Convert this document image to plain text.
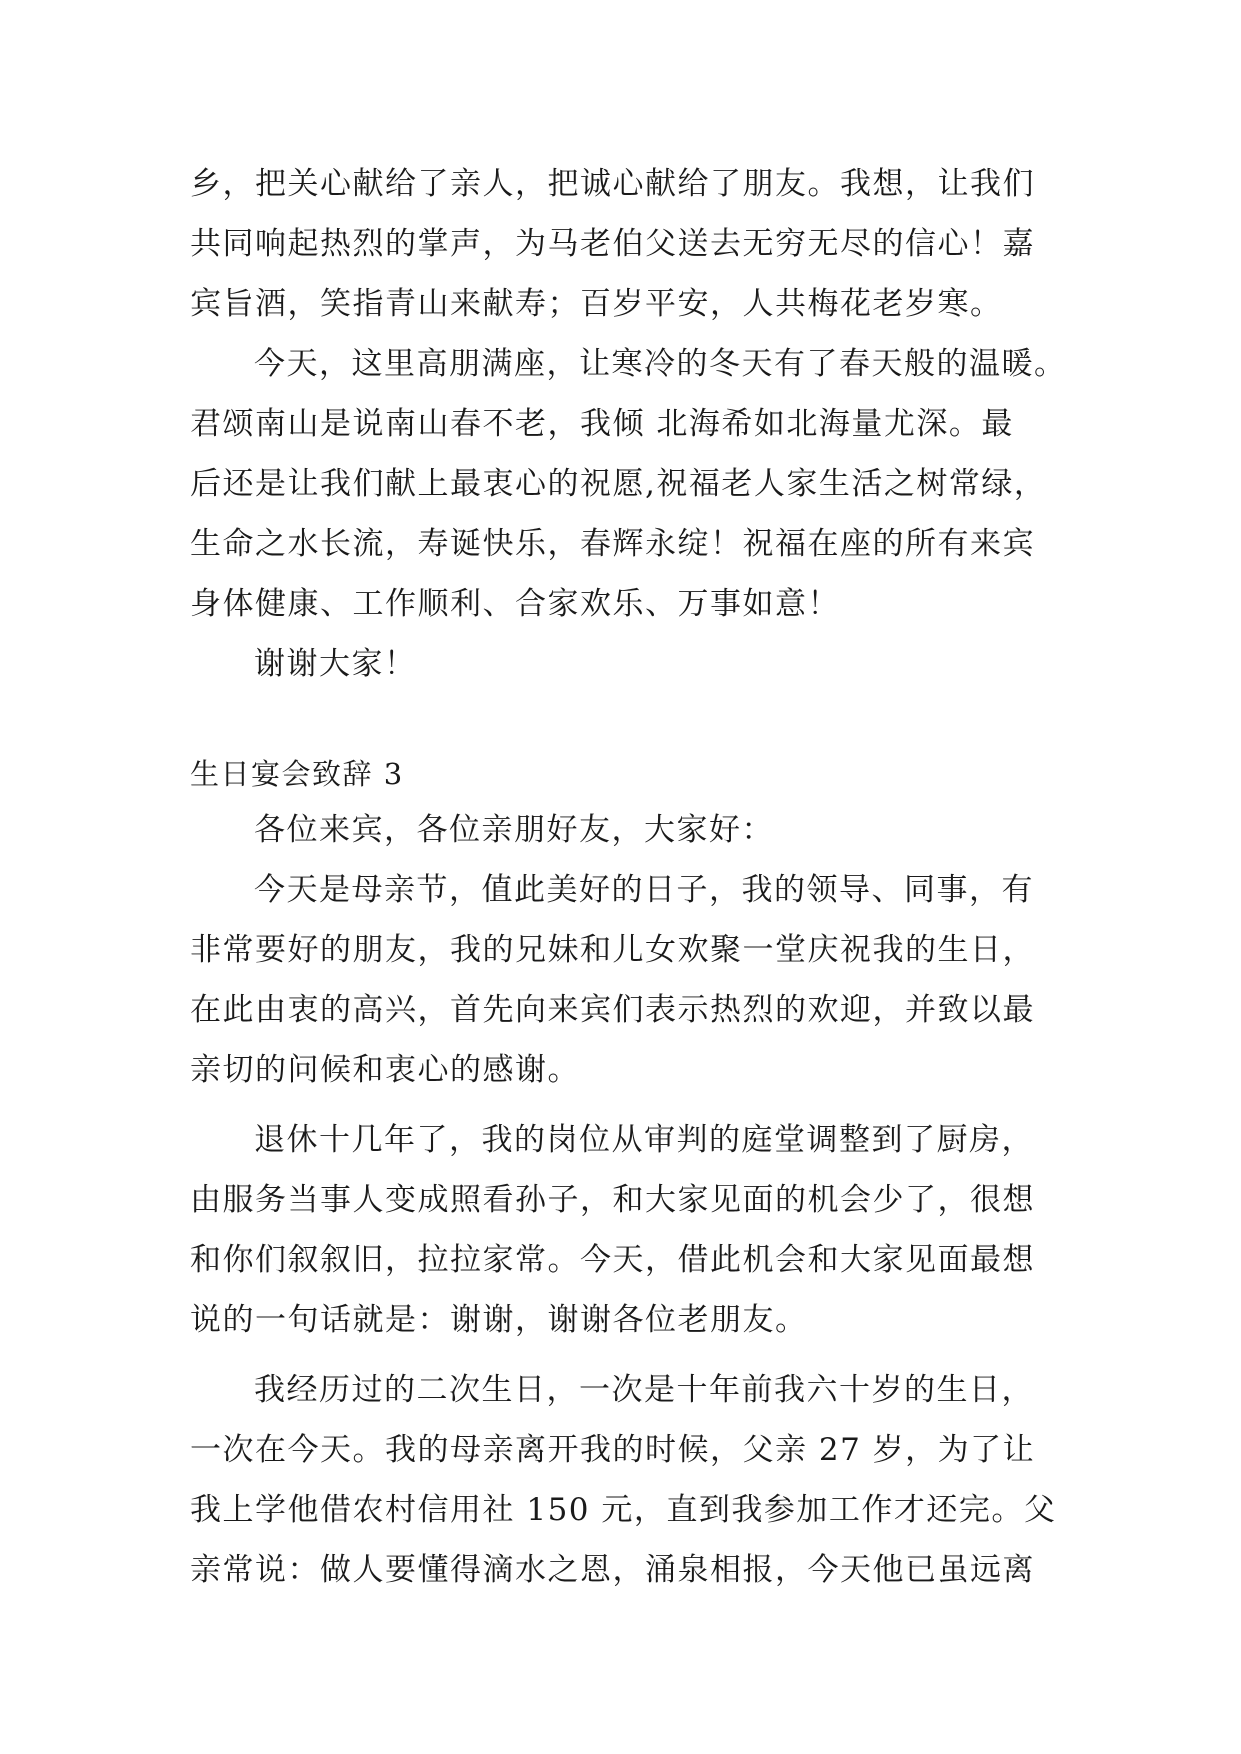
乡，把关心献给了亲人，把诚心献给了朋友。我想，让我们
共同响起热烈的掌声，为马老伯父送去无穷无尽的信心！嘉
宾旨酒，笑指青山来献寿；百岁平安，人共梅花老岁寒。
今天，这里高朋满座，让寒冷的冬天有了春天般的温暖。
君颂南山是说南山春不老，我倾 北海希如北海量尤深。最
后还是让我们献上最衷心的祝愿,祝福老人家生活之树常绿，
生命之水长流，寿诞快乐，春辉永绽！祝福在座的所有来宾
身体健康、工作顺利、合家欢乐、万事如意！
谢谢大家！
生日宴会致辞 3
各位来宾，各位亲朋好友，大家好：
今天是母亲节，值此美好的日子，我的领导、同事，有
非常要好的朋友，我的兄妹和儿女欢聚一堂庆祝我的生日，
在此由衷的高兴，首先向来宾们表示热烈的欢迎，并致以最
亲切的问候和衷心的感谢。
退休十几年了，我的岗位从审判的庭堂调整到了厨房，
由服务当事人变成照看孙子，和大家见面的机会少了，很想
和你们叙叙旧，拉拉家常。今天，借此机会和大家见面最想
说的一句话就是：谢谢，谢谢各位老朋友。
我经历过的二次生日，一次是十年前我六十岁的生日，
一次在今天。我的母亲离开我的时候，父亲 27 岁，为了让
我上学他借农村信用社 150 元，直到我参加工作才还完。父
亲常说：做人要懂得滴水之恩，涌泉相报，今天他已虽远离
